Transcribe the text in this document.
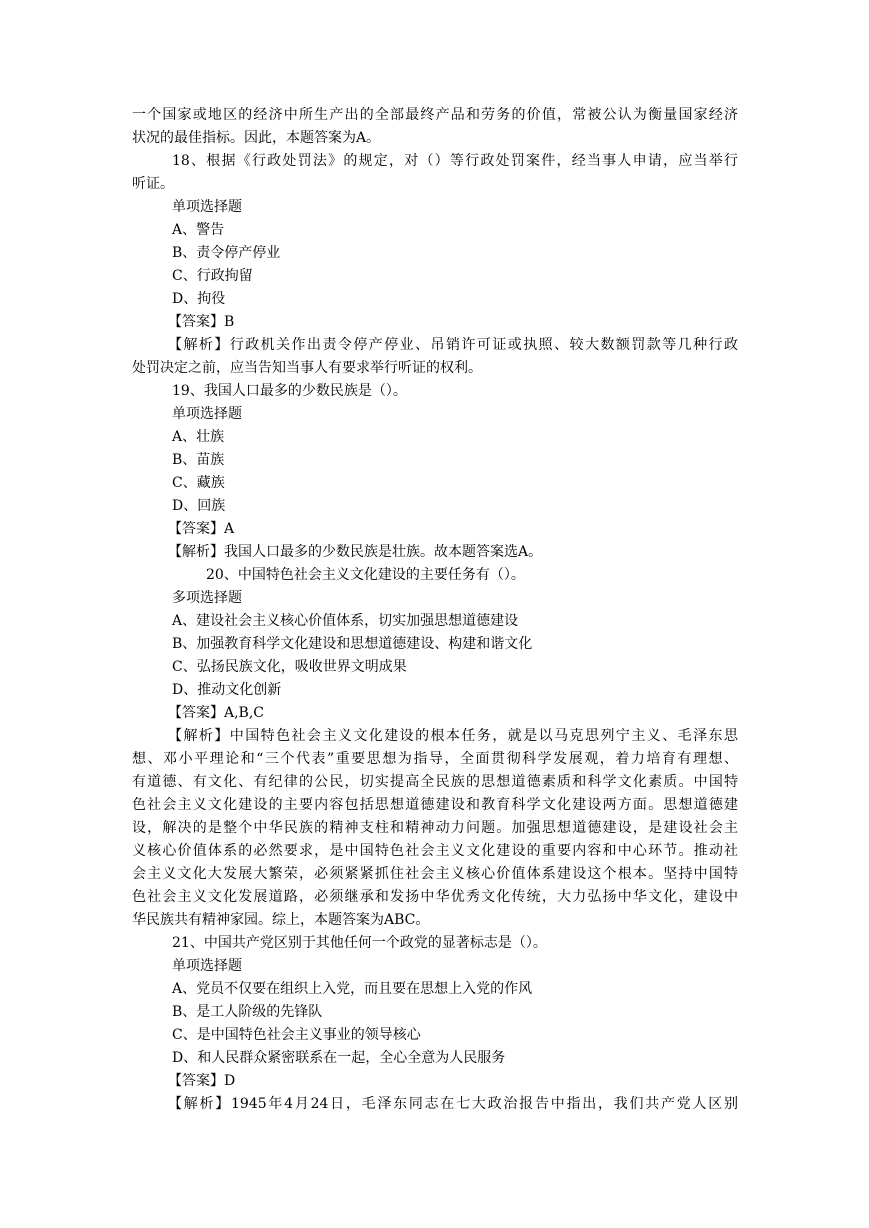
一个国家或地区的经济中所生产出的全部最终产品和劳务的价值，常被公认为衡量国家经济

状况的最佳指标。因此，本题答案为A。

18、根据《行政处罚法》的规定，对（）等行政处罚案件，经当事人申请，应当举行

听证。

单项选择题

A、警告

B、责令停产停业

C、行政拘留

D、拘役

【答案】B

【解析】行政机关作出责令停产停业、吊销许可证或执照、较大数额罚款等几种行政

处罚决定之前，应当告知当事人有要求举行听证的权利。

19、我国人口最多的少数民族是（）。

单项选择题

A、壮族

B、苗族

C、藏族

D、回族

【答案】A

【解析】我国人口最多的少数民族是壮族。故本题答案选A。

20、中国特色社会主义文化建设的主要任务有（）。

多项选择题

A、建设社会主义核心价值体系，切实加强思想道德建设

B、加强教育科学文化建设和思想道德建设、构建和谐文化

C、弘扬民族文化，吸收世界文明成果

D、推动文化创新

【答案】A,B,C

【解析】中国特色社会主义文化建设的根本任务，就是以马克思列宁主义、毛泽东思

想、邓小平理论和“三个代表”重要思想为指导，全面贯彻科学发展观，着力培育有理想、

有道德、有文化、有纪律的公民，切实提高全民族的思想道德素质和科学文化素质。中国特

色社会主义文化建设的主要内容包括思想道德建设和教育科学文化建设两方面。思想道德建

设，解决的是整个中华民族的精神支柱和精神动力问题。加强思想道德建设，是建设社会主

义核心价值体系的必然要求，是中国特色社会主义文化建设的重要内容和中心环节。推动社

会主义文化大发展大繁荣，必须紧紧抓住社会主义核心价值体系建设这个根本。坚持中国特

色社会主义文化发展道路，必须继承和发扬中华优秀文化传统，大力弘扬中华文化，建设中

华民族共有精神家园。综上，本题答案为ABC。

21、中国共产党区别于其他任何一个政党的显著标志是（）。

单项选择题

A、党员不仅要在组织上入党，而且要在思想上入党的作风

B、是工人阶级的先锋队

C、是中国特色社会主义事业的领导核心

D、和人民群众紧密联系在一起，全心全意为人民服务

【答案】D

【解析】1945年4月24日，毛泽东同志在七大政治报告中指出，我们共产党人区别
